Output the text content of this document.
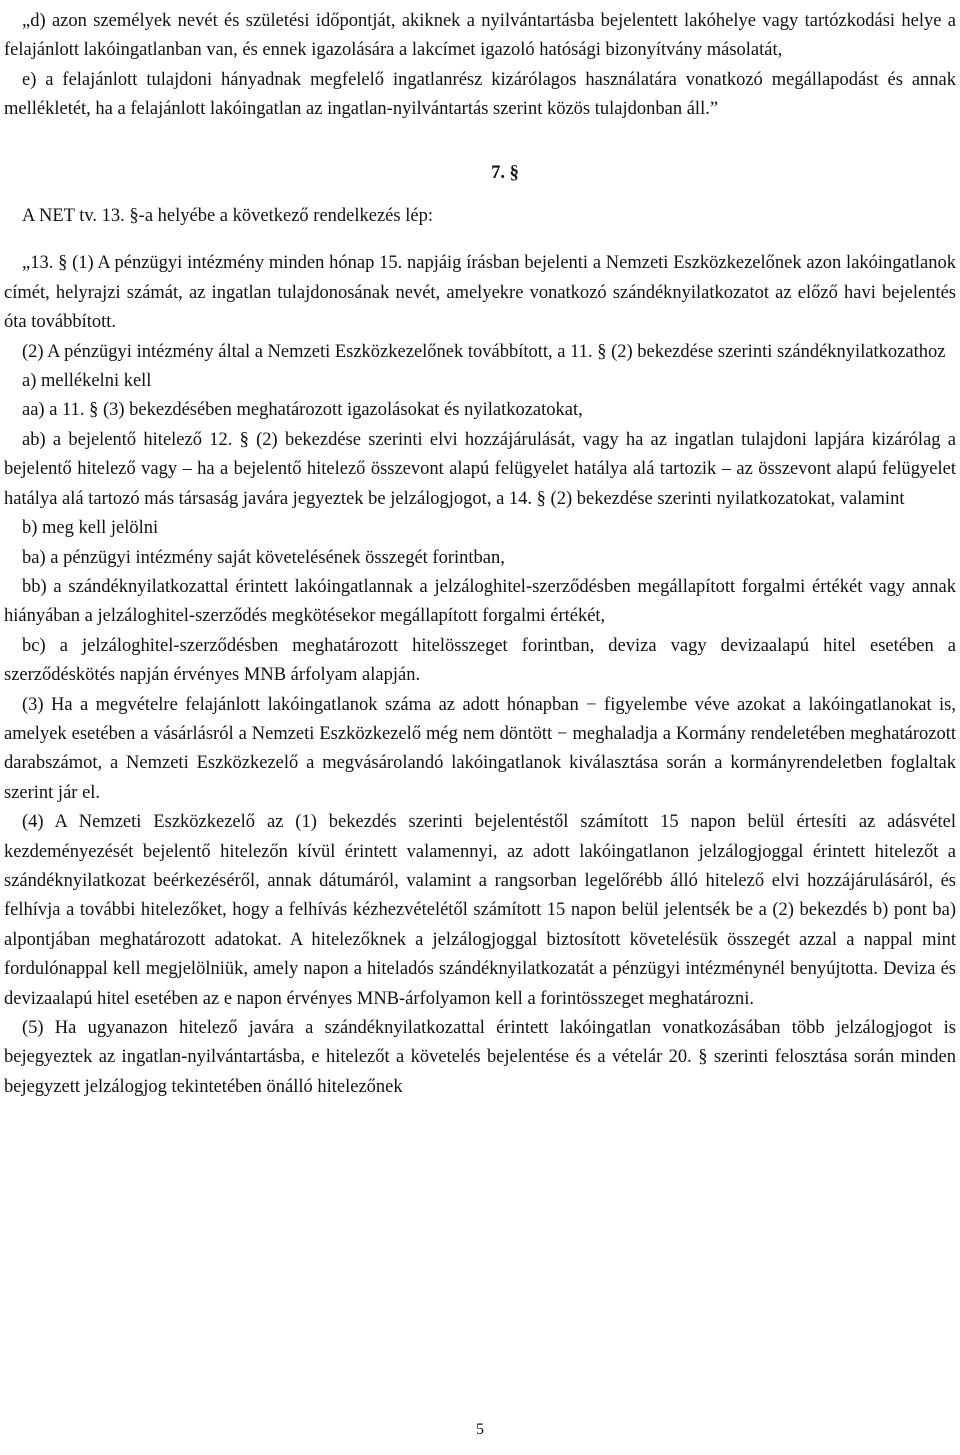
„d) azon személyek nevét és születési időpontját, akiknek a nyilvántartásba bejelentett lakóhelye vagy tartózkodási helye a felajánlott lakóingatlanban van, és ennek igazolására a lakcímet igazoló hatósági bizonyítvány másolatát,

e) a felajánlott tulajdoni hányadnak megfelelő ingatlanrész kizárólagos használatára vonatkozó megállapodást és annak mellékletét, ha a felajánlott lakóingatlan az ingatlan-nyilvántartás szerint közös tulajdonban áll.”

7. §

A NET tv. 13. §-a helyébe a következő rendelkezés lép:

„13. § (1) A pénzügyi intézmény minden hónap 15. napjáig írásban bejelenti a Nemzeti Eszközkezelőnek azon lakóingatlanok címét, helyrajzi számát, az ingatlan tulajdonosának nevét, amelyekre vonatkozó szándéknyilatkozatot az előző havi bejelentés óta továbbított.

(2) A pénzügyi intézmény által a Nemzeti Eszközkezelőnek továbbított, a 11. § (2) bekezdése szerinti szándéknyilatkozathoz

a) mellékelni kell

aa) a 11. § (3) bekezdésében meghatározott igazolásokat és nyilatkozatokat,

ab) a bejelentő hitelező 12. § (2) bekezdése szerinti elvi hozzájárulását, vagy ha az ingatlan tulajdoni lapjára kizárólag a bejelentő hitelező vagy – ha a bejelentő hitelező összevont alapú felügyelet hatálya alá tartozik – az összevont alapú felügyelet hatálya alá tartozó más társaság javára jegyeztek be jelzálogjogot, a 14. § (2) bekezdése szerinti nyilatkozatokat, valamint

b) meg kell jelölni

ba) a pénzügyi intézmény saját követelésének összegét forintban,

bb) a szándéknyilatkozattal érintett lakóingatlannak a jelzáloghitel-szerződésben megállapított forgalmi értékét vagy annak hiányában a jelzáloghitel-szerződés megkötésekor megállapított forgalmi értékét,

bc) a jelzáloghitel-szerződésben meghatározott hitelösszeget forintban, deviza vagy devizaalapú hitel esetében a szerződéskötés napján érvényes MNB árfolyam alapján.

(3) Ha a megvételre felajánlott lakóingatlanok száma az adott hónapban − figyelembe véve azokat a lakóingatlanokat is, amelyek esetében a vásárlásról a Nemzeti Eszközkezelő még nem döntött − meghaladja a Kormány rendeletében meghatározott darabszámot, a Nemzeti Eszközkezelő a megvásárolandó lakóingatlanok kiválasztása során a kormányrendeletben foglaltak szerint jár el.

(4) A Nemzeti Eszközkezelő az (1) bekezdés szerinti bejelentéstől számított 15 napon belül értesíti az adásvétel kezdeményezését bejelentő hitelezőn kívül érintett valamennyi, az adott lakóingatlanon jelzálogjoggal érintett hitelezőt a szándéknyilatkozat beérkezéséről, annak dátumáról, valamint a rangsorban legelőrébb álló hitelező elvi hozzájárulásáról, és felhívja a további hitelezőket, hogy a felhívás kézhezvételétől számított 15 napon belül jelentsék be a (2) bekezdés b) pont ba) alpontjában meghatározott adatokat. A hitelezőknek a jelzálogjoggal biztosított követelésük összegét azzal a nappal mint fordulónappal kell megjelölniük, amely napon a hiteladós szándéknyilatkozatát a pénzügyi intézménynél benyújtotta. Deviza és devizaalapú hitel esetében az e napon érvényes MNB-árfolyamon kell a forintösszeget meghatározni.

(5) Ha ugyanazon hitelező javára a szándéknyilatkozattal érintett lakóingatlan vonatkozásában több jelzálogjogot is bejegyeztek az ingatlan-nyilvántartásba, e hitelezőt a követelés bejelentése és a vételár 20. § szerinti felosztása során minden bejegyzett jelzálogjog tekintetében önálló hitelezőnek

5
